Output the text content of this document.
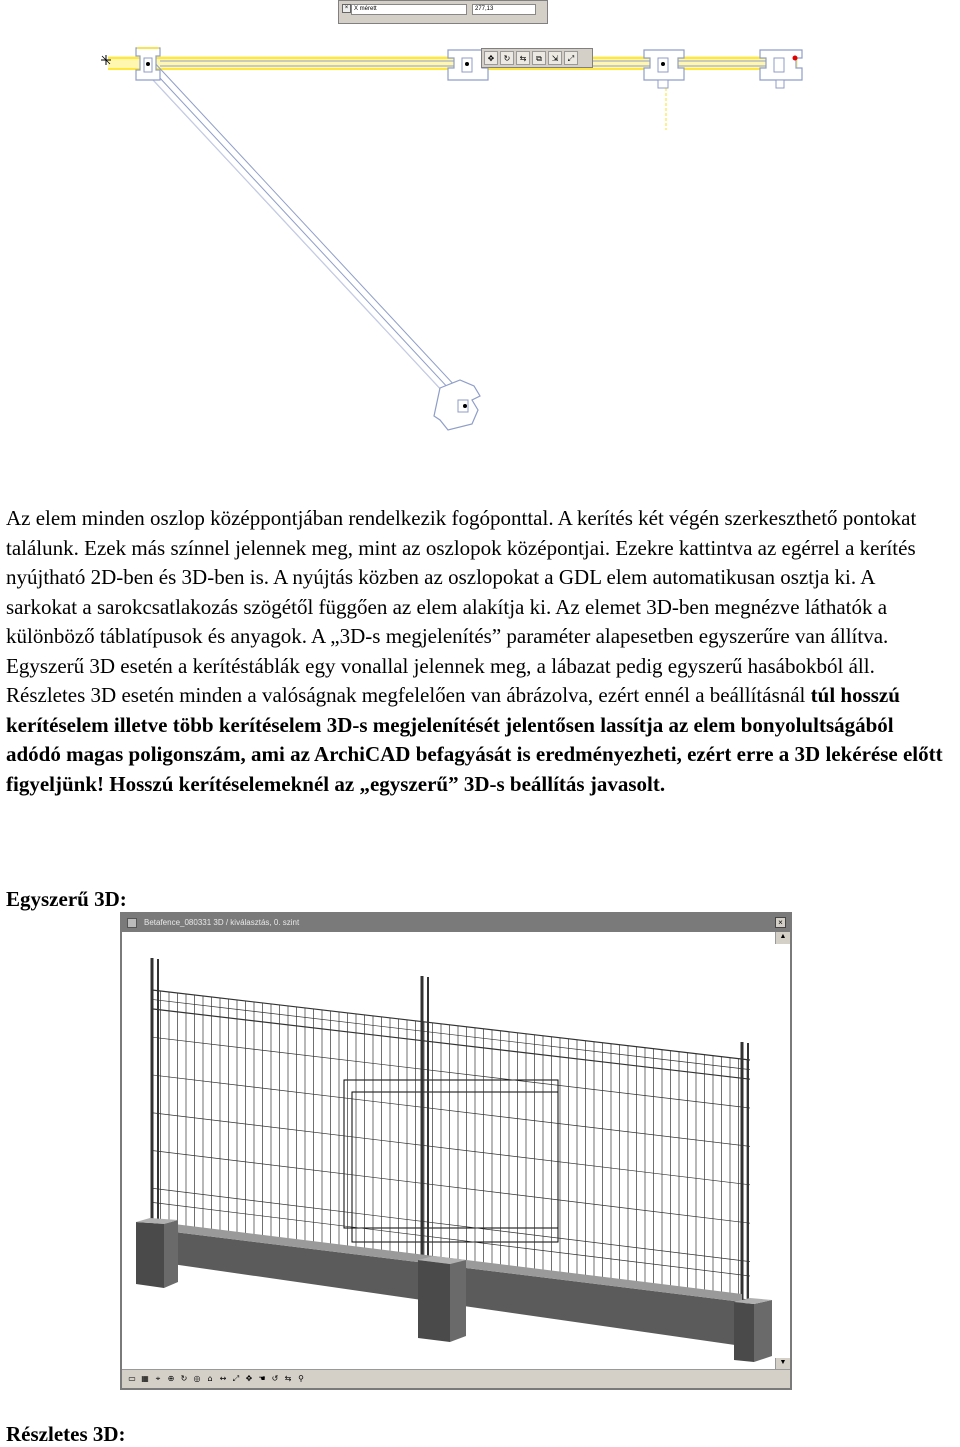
× X mérett	277,13
✥	↻	⇆	⧉	⇲	⤢

Az elem minden oszlop középpontjában rendelkezik fogóponttal. A kerítés két végén szerkeszthető pontokat találunk. Ezek más színnel jelennek meg, mint az oszlopok középontjai. Ezekre kattintva az egérrel a kerítés nyújtható 2D-ben és 3D-ben is. A nyújtás közben az oszlopokat a GDL elem automatikusan osztja ki. A sarkokat a sarokcsatlakozás szögétől függően az elem alakítja ki. Az elemet 3D-ben megnézve láthatók a különböző táblatípusok és anyagok. A „3D-s megjelenítés” paraméter alapesetben egyszerűre van állítva. Egyszerű 3D esetén a kerítéstáblák egy vonallal jelennek meg, a lábazat pedig egyszerű hasábokból áll. Részletes 3D esetén minden a valóságnak megfelelően van ábrázolva, ezért ennél a beállításnál túl hosszú kerítéselem illetve több kerítéselem 3D-s megjelenítését jelentősen lassítja az elem bonyolultságából adódó magas poligonszám, ami az ArchiCAD befagyását is eredményezheti, ezért erre a 3D lekérése előtt figyeljünk! Hosszú kerítéselemeknél az „egyszerű” 3D-s beállítás javasolt.

Egyszerű 3D:
Betafence_080331 3D / kiválasztás, 0. szint	×
▲
▼
▭ ▦ ⌖ ⊕ ↻ ◎ ⌂ ↔ ⤢ ✥ ☚ ↺ ⇆ ⚲
Részletes 3D:
